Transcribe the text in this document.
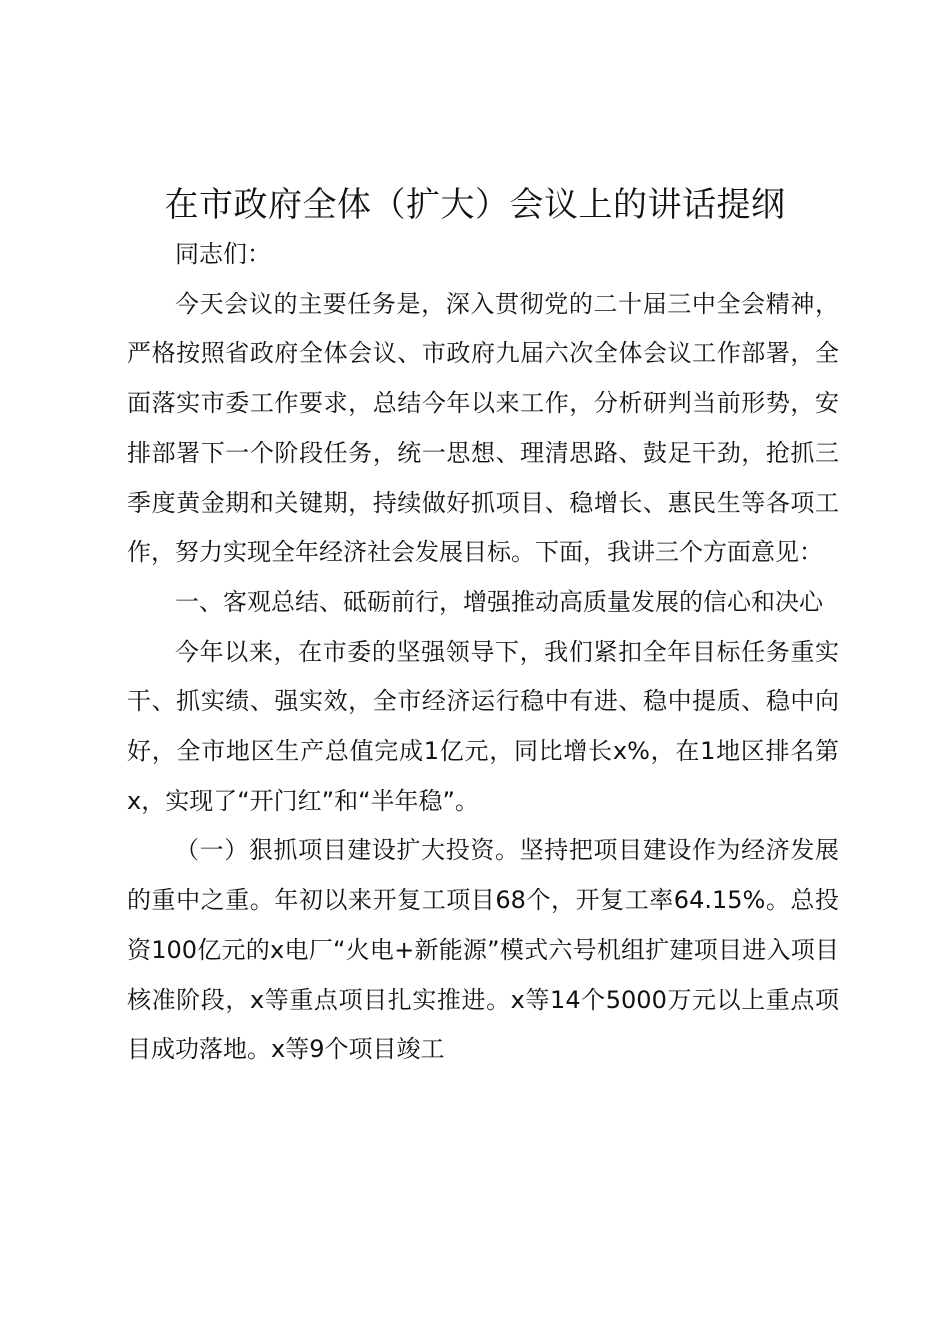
在市政府全体（扩大）会议上的讲话提纲

同志们：

今天会议的主要任务是，深入贯彻党的二十届三中全会精神，严格按照省政府全体会议、市政府九届六次全体会议工作部署，全面落实市委工作要求，总结今年以来工作，分析研判当前形势，安排部署下一个阶段任务，统一思想、理清思路、鼓足干劲，抢抓三季度黄金期和关键期，持续做好抓项目、稳增长、惠民生等各项工作，努力实现全年经济社会发展目标。下面，我讲三个方面意见：

一、客观总结、砥砺前行，增强推动高质量发展的信心和决心

今年以来，在市委的坚强领导下，我们紧扣全年目标任务重实干、抓实绩、强实效，全市经济运行稳中有进、稳中提质、稳中向好，全市地区生产总值完成1亿元，同比增长x%，在1地区排名第x，实现了“开门红”和“半年稳”。

（一）狠抓项目建设扩大投资。坚持把项目建设作为经济发展的重中之重。年初以来开复工项目68个，开复工率64.15%。总投资100亿元的x电厂“火电+新能源”模式六号机组扩建项目进入项目核准阶段，x等重点项目扎实推进。x等14个5000万元以上重点项目成功落地。x等9个项目竣工
